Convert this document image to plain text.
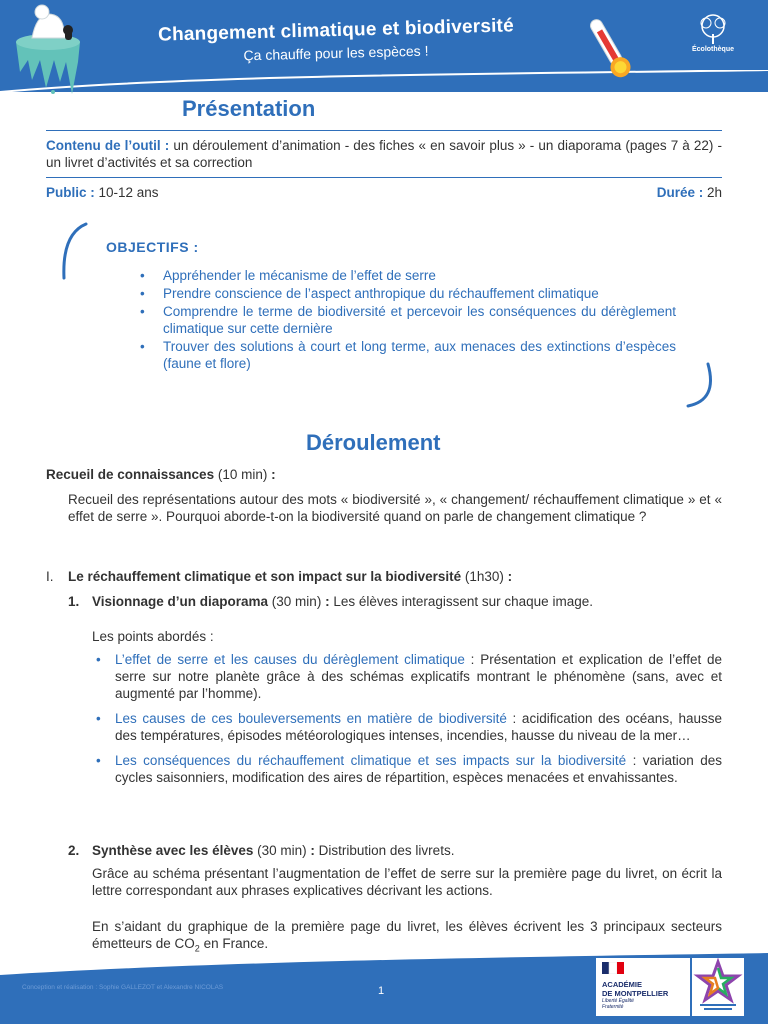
Changement climatique et biodiversité
Ça chauffe pour les espèces !	Écolothèque
Présentation
Contenu de l’outil : un déroulement d’animation - des fiches « en savoir plus » - un diaporama (pages 7 à 22) - un livret d’activités et sa correction
Public : 10-12 ans	Durée : 2h
OBJECTIFS :
• Appréhender le mécanisme de l’effet de serre
• Prendre conscience de l’aspect anthropique du réchauffement climatique
• Comprendre le terme de biodiversité et percevoir les conséquences du dérèglement climatique sur cette dernière
• Trouver des solutions à court et long terme, aux menaces des extinctions d’espèces (faune et flore)
Déroulement
Recueil de connaissances (10 min) :
Recueil des représentations autour des mots « biodiversité », « changement/ réchauffement climatique » et « effet de serre ». Pourquoi aborde-t-on la biodiversité quand on parle de changement climatique ?
I. Le réchauffement climatique et son impact sur la biodiversité (1h30) :
1. Visionnage d’un diaporama (30 min) : Les élèves interagissent sur chaque image.
Les points abordés :
• L’effet de serre et les causes du dérèglement climatique : Présentation et explication de l’effet de serre sur notre planète grâce à des schémas explicatifs montrant le phénomène (sans, avec et augmenté par l’homme).
• Les causes de ces bouleversements en matière de biodiversité : acidification des océans, hausse des températures, épisodes météorologiques intenses, incendies, hausse du niveau de la mer…
• Les conséquences du réchauffement climatique et ses impacts sur la biodiversité : variation des cycles saisonniers, modification des aires de répartition, espèces menacées et envahissantes.
2. Synthèse avec les élèves (30 min) : Distribution des livrets.
Grâce au schéma présentant l’augmentation de l’effet de serre sur la première page du livret, on écrit la lettre correspondant aux phrases explicatives décrivant les actions.
En s’aidant du graphique de la première page du livret, les élèves écrivent les 3 principaux secteurs émetteurs de $CO_2$ en France.
Conception et réalisation : Sophie GALLEZOT et Alexandre NICOLAS	1
ACADÉMIE
DE MONTPELLIER
Liberté Égalité Fraternité
